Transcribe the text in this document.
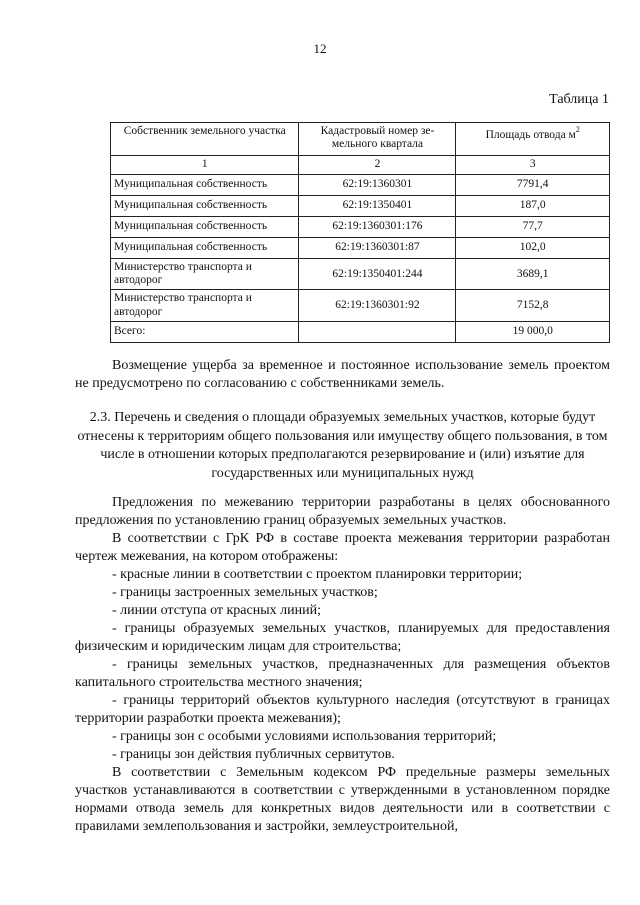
12
Таблица 1
Собственник земельного участка	Кадастровый номер зе-мельного квартала	Площадь отвода $м^2$
1	2	3
Муниципальная собственность	62:19:1360301	7791,4
Муниципальная собственность	62:19:1350401	187,0
Муниципальная собственность	62:19:1360301:176	77,7
Муниципальная собственность	62:19:1360301:87	102,0
Министерство транспорта и автодорог	62:19:1350401:244	3689,1
Министерство транспорта и автодорог	62:19:1360301:92	7152,8
Всего:		19 000,0

Возмещение ущерба за временное и постоянное использование земель проектом не предусмотрено по согласованию с собственниками земель.

2.3. Перечень и сведения о площади образуемых земельных участков, которые будут отнесены к территориям общего пользования или имуществу общего пользования, в том числе в отношении которых предполагаются резервирование и (или) изъятие для государственных или муниципальных нужд

Предложения по межеванию территории разработаны в целях обоснованного предложения по установлению границ образуемых земельных участков.

В соответствии с ГрК РФ в составе проекта межевания территории разработан чертеж межевания, на котором отображены:

- красные линии в соответствии с проектом планировки территории;

- границы застроенных земельных участков;

- линии отступа от красных линий;

- границы образуемых земельных участков, планируемых для предоставления физическим и юридическим лицам для строительства;

- границы земельных участков, предназначенных для размещения объектов капитального строительства местного значения;

- границы территорий объектов культурного наследия (отсутствуют в границах территории разработки проекта межевания);

- границы зон с особыми условиями использования территорий;

- границы зон действия публичных сервитутов.

В соответствии с Земельным кодексом РФ предельные размеры земельных участков устанавливаются в соответствии с утвержденными в установленном порядке нормами отвода земель для конкретных видов деятельности или в соответствии с правилами землепользования и застройки, землеустроительной,
